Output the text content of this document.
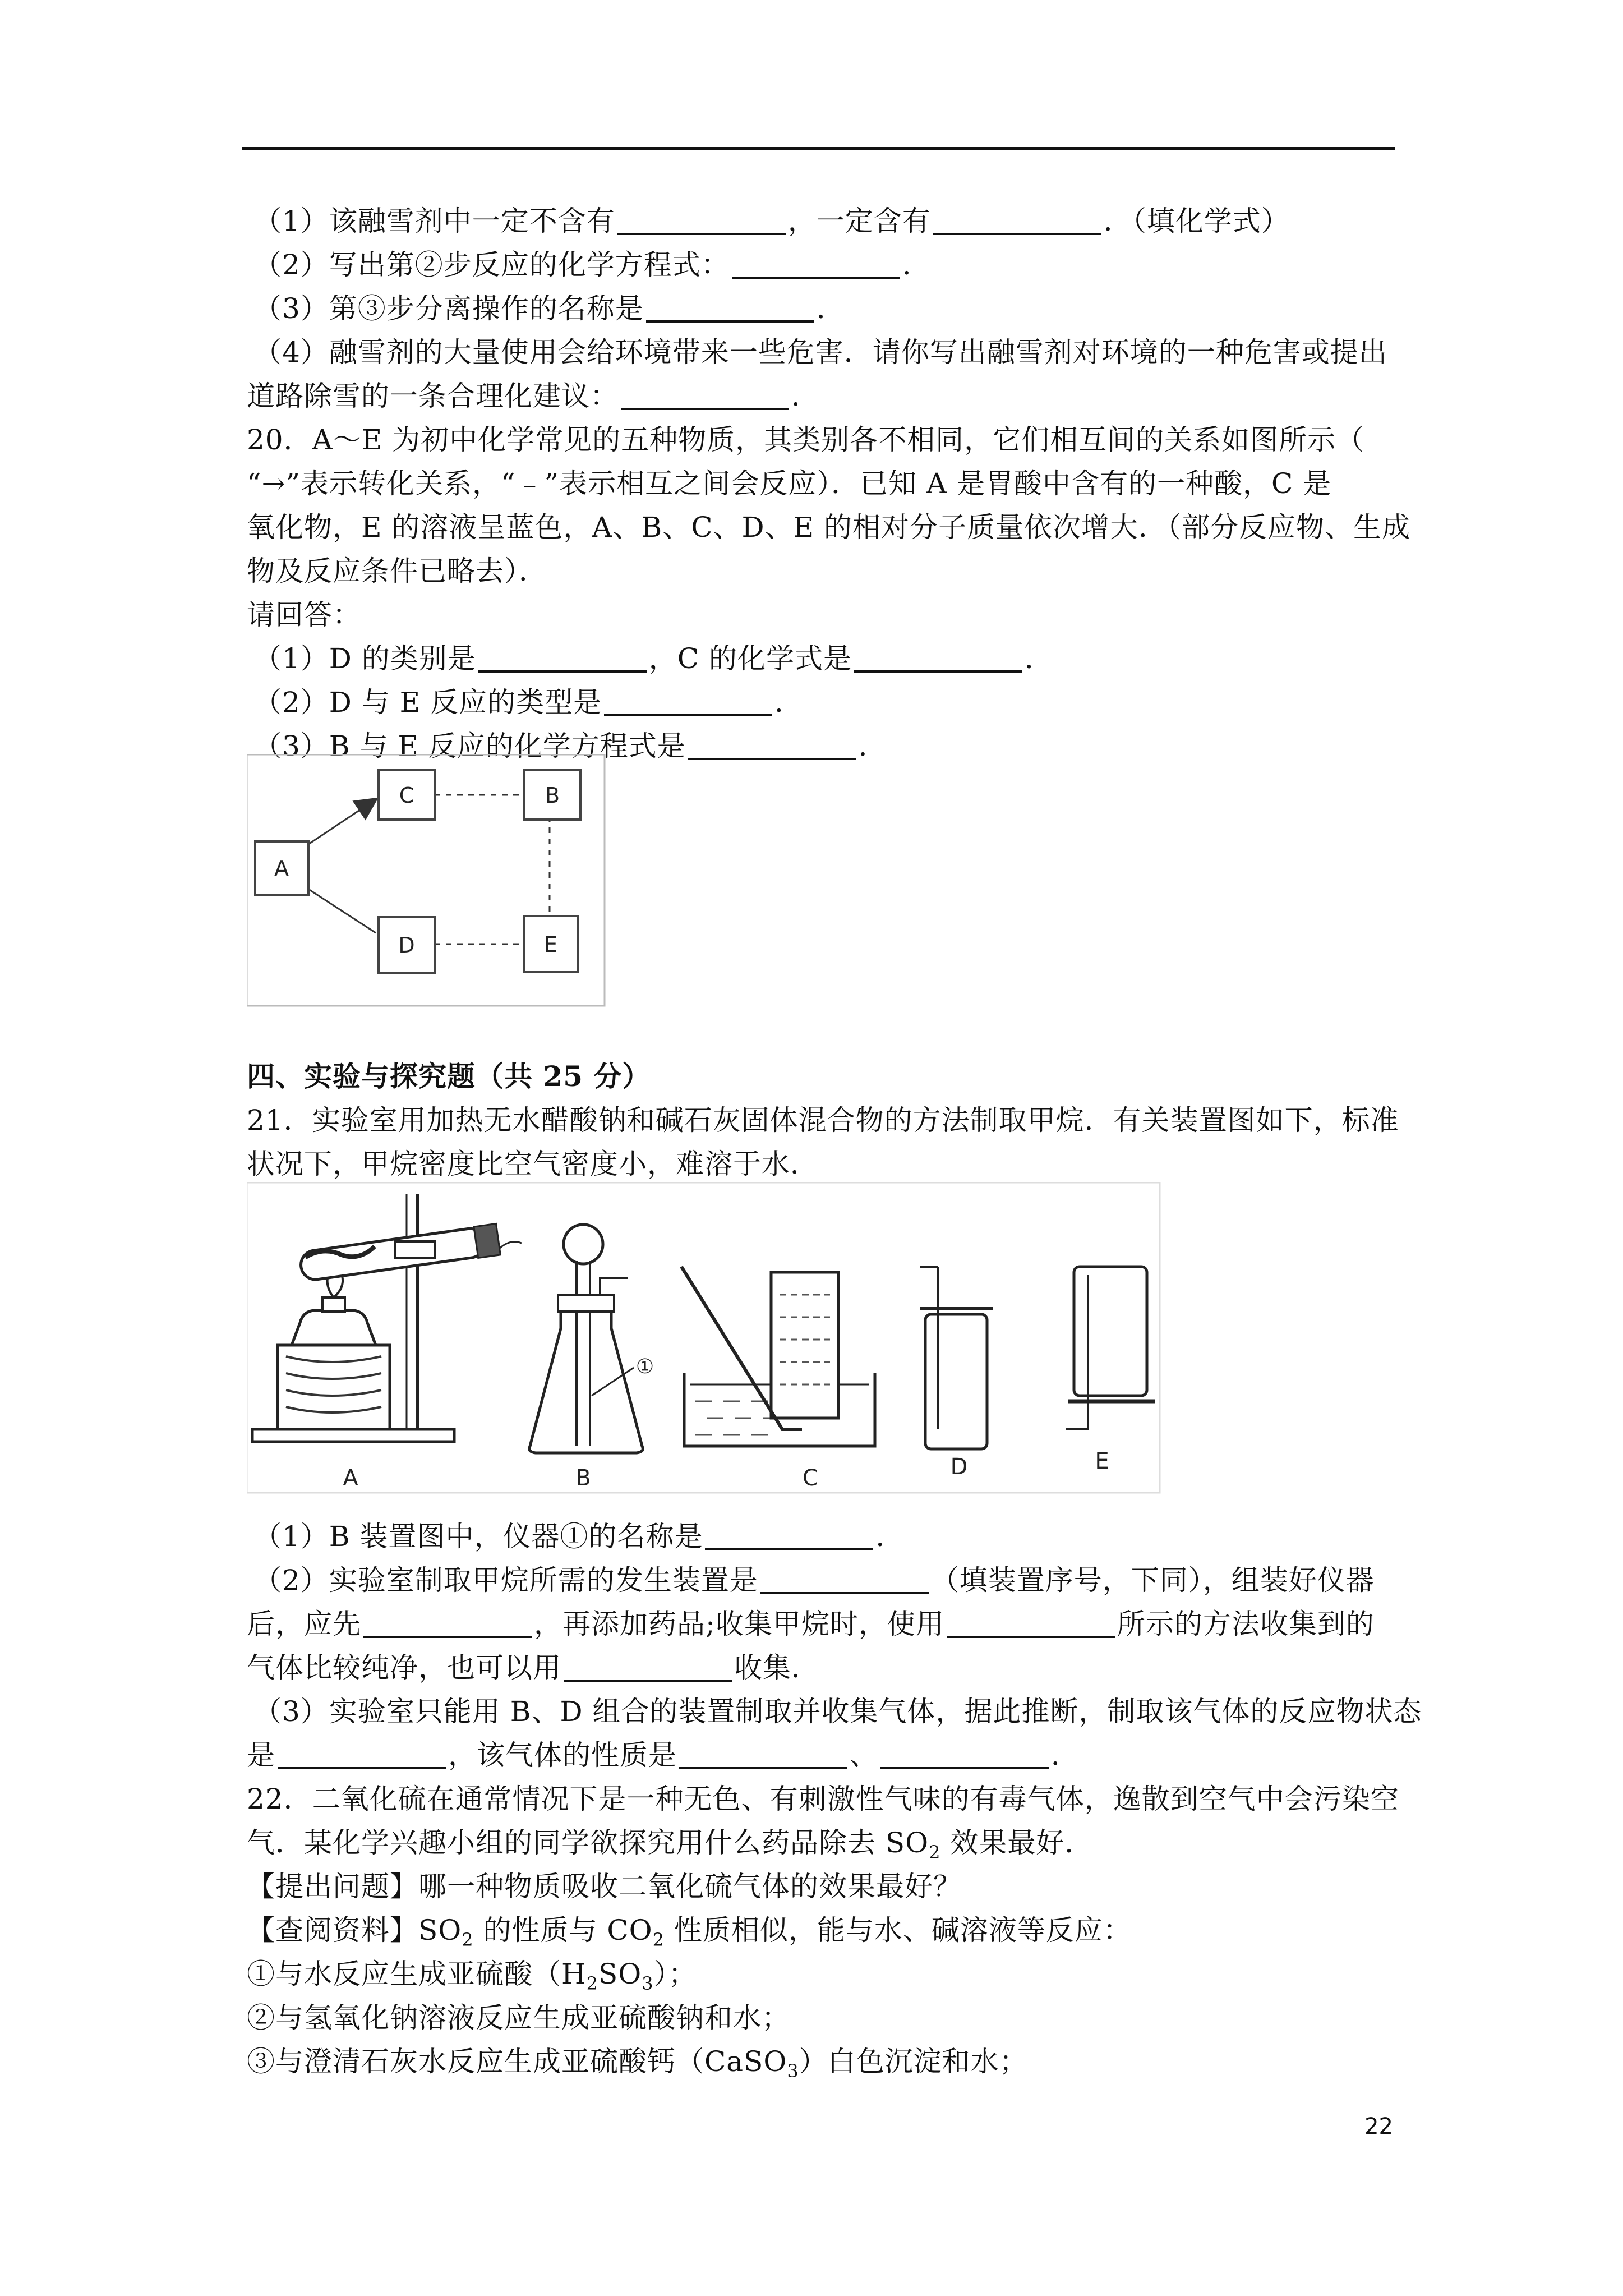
（1）该融雪剂中一定不含有	，一定含有	．（填化学式）
（2）写出第②步反应的化学方程式：	．
（3）第③步分离操作的名称是	．
（4）融雪剂的大量使用会给环境带来一些危害．请你写出融雪剂对环境的一种危害或提出
道路除雪的一条合理化建议：	．
20．A～E 为初中化学常见的五种物质，其类别各不相同，它们相互间的关系如图所示（
“→”表示转化关系，“﹣”表示相互之间会反应）．已知 A 是胃酸中含有的一种酸，C 是
氧化物，E 的溶液呈蓝色，A、B、C、D、E 的相对分子质量依次增大．（部分反应物、生成
物及反应条件已略去）．
请回答：
（1）D 的类别是	，C 的化学式是	．
（2）D 与 E 反应的类型是	．
（3）B 与 E 反应的化学方程式是	．
A
C	B
D	E
四、实验与探究题（共 25 分）
21．实验室用加热无水醋酸钠和碱石灰固体混合物的方法制取甲烷．有关装置图如下，标准
状况下，甲烷密度比空气密度小，难溶于水．
A
①
B	C	D	E
（1）B 装置图中，仪器①的名称是	．
（2）实验室制取甲烷所需的发生装置是	（填装置序号，下同），组装好仪器
后，应先	，再添加药品;收集甲烷时，使用	所示的方法收集到的
气体比较纯净，也可以用	收集．
（3）实验室只能用 B、D 组合的装置制取并收集气体，据此推断，制取该气体的反应物状态
是	，该气体的性质是	、	．
22．二氧化硫在通常情况下是一种无色、有刺激性气味的有毒气体，逸散到空气中会污染空
气．某化学兴趣小组的同学欲探究用什么药品除去 $SO_2$ 效果最好．
【提出问题】哪一种物质吸收二氧化硫气体的效果最好？
【查阅资料】$SO_2$ 的性质与 $CO_2$ 性质相似，能与水、碱溶液等反应：
①与水反应生成亚硫酸$(H_2SO_3)$；
②与氢氧化钠溶液反应生成亚硫酸钠和水；
③与澄清石灰水反应生成亚硫酸钙（CaSO$_3$）白色沉淀和水；
22
